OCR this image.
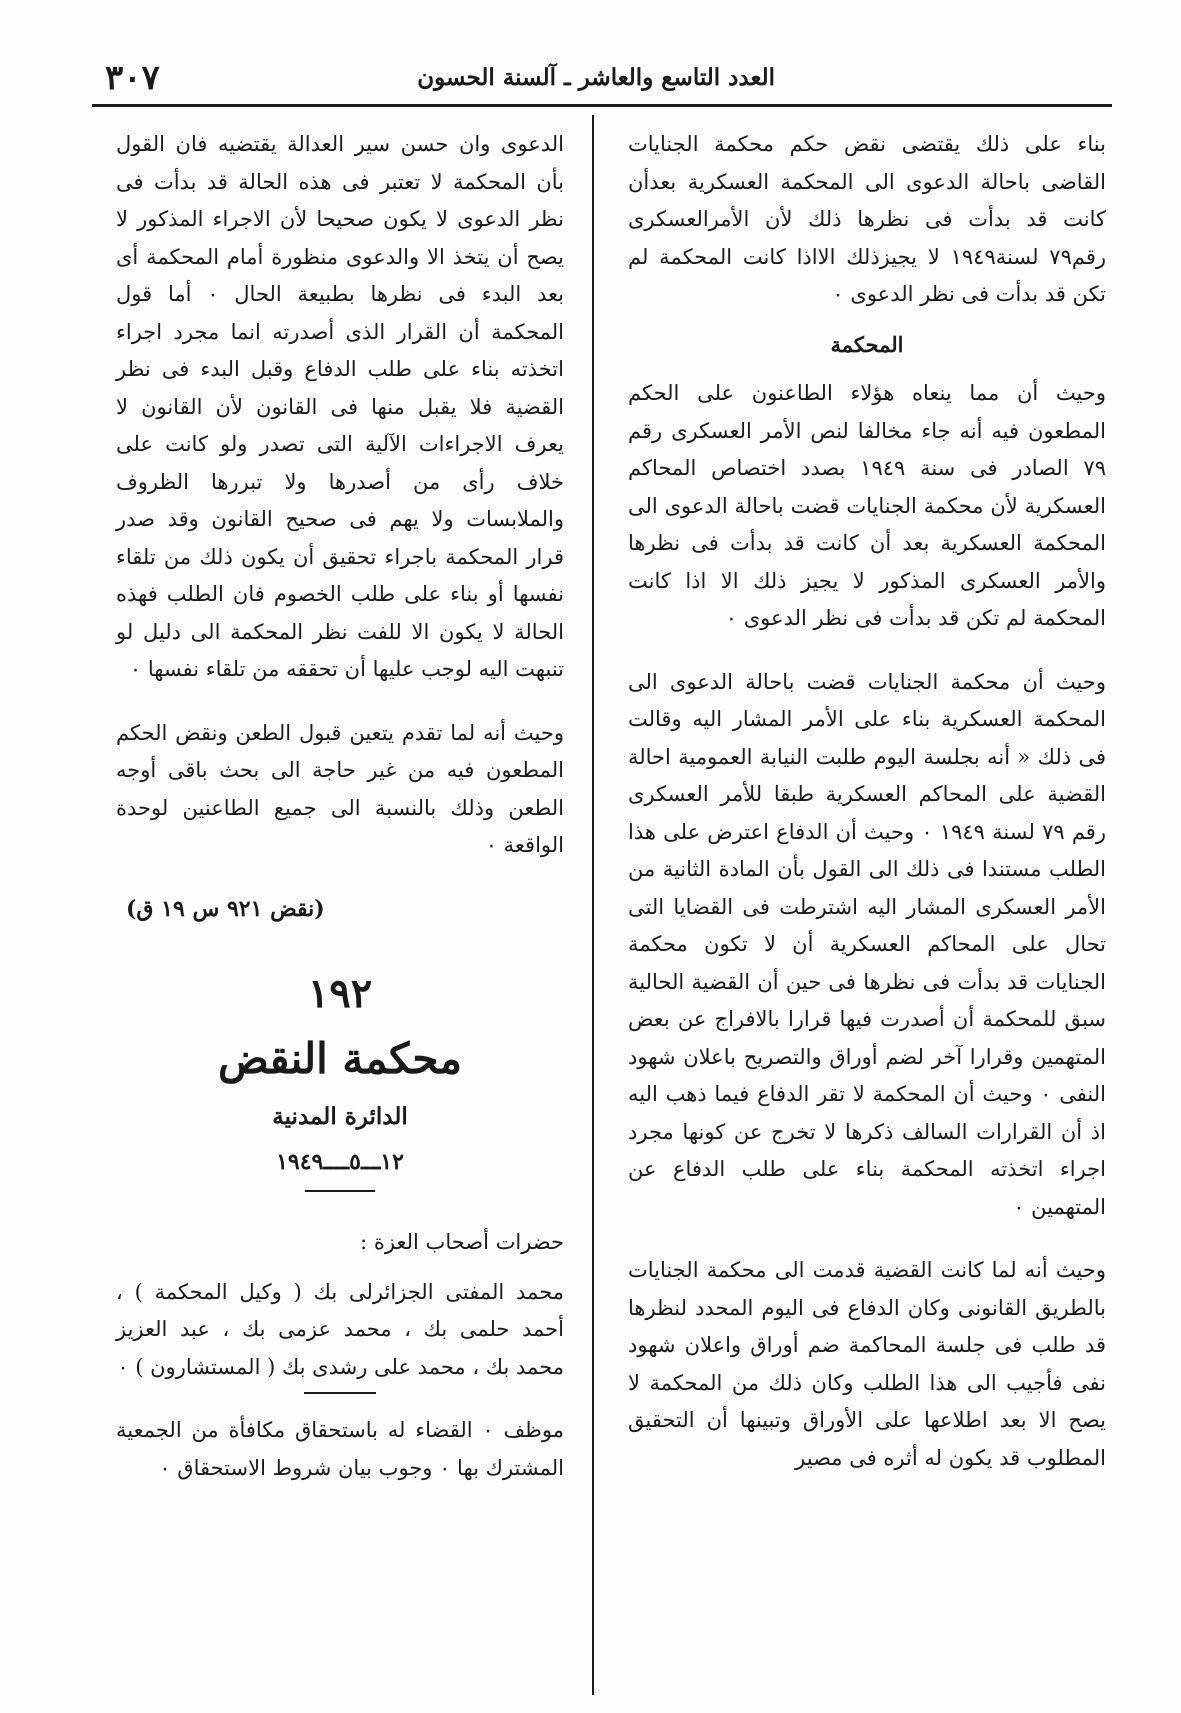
٣٠٧	العدد التاسع والعاشر ـ آلسنة الحسون

بناء على ذلك يقتضى نقض حكم محكمة الجنايات القاضى باحالة الدعوى الى المحكمة العسكرية بعدأن كانت قد بدأت فى نظرها ذلك لأن الأمرالعسكرى رقم٧٩ لسنة١٩٤٩ لا يجيزذلك الااذا كانت المحكمة لم تكن قد بدأت فى نظر الدعوى ٠

المحكمة

وحيث أن مما ينعاه هؤلاء الطاعنون على الحكم المطعون فيه أنه جاء مخالفا لنص الأمر العسكرى رقم ٧٩ الصادر فى سنة ١٩٤٩ بصدد اختصاص المحاكم العسكرية لأن محكمة الجنايات قضت باحالة الدعوى الى المحكمة العسكرية بعد أن كانت قد بدأت فى نظرها والأمر العسكرى المذكور لا يجيز ذلك الا اذا كانت المحكمة لم تكن قد بدأت فى نظر الدعوى ٠

وحيث أن محكمة الجنايات قضت باحالة الدعوى الى المحكمة العسكرية بناء على الأمر المشار اليه وقالت فى ذلك « أنه بجلسة اليوم طلبت النيابة العمومية احالة القضية على المحاكم العسكرية طبقا للأمر العسكرى رقم ٧٩ لسنة ١٩٤٩ ٠ وحيث أن الدفاع اعترض على هذا الطلب مستندا فى ذلك الى القول بأن المادة الثانية من الأمر العسكرى المشار اليه اشترطت فى القضايا التى تحال على المحاكم العسكرية أن لا تكون محكمة الجنايات قد بدأت فى نظرها فى حين أن القضية الحالية سبق للمحكمة أن أصدرت فيها قرارا بالافراج عن بعض المتهمين وقرارا آخر لضم أوراق والتصريح باعلان شهود النفى ٠ وحيث أن المحكمة لا تقر الدفاع فيما ذهب اليه اذ أن القرارات السالف ذكرها لا تخرج عن كونها مجرد اجراء اتخذته المحكمة بناء على طلب الدفاع عن المتهمين ٠

وحيث أنه لما كانت القضية قدمت الى محكمة الجنايات بالطريق القانونى وكان الدفاع فى اليوم المحدد لنظرها قد طلب فى جلسة المحاكمة ضم أوراق واعلان شهود نفى فأجيب الى هذا الطلب وكان ذلك من المحكمة لا يصح الا بعد اطلاعها على الأوراق وتبينها أن التحقيق المطلوب قد يكون له أثره فى مصير

الدعوى وان حسن سير العدالة يقتضيه فان القول بأن المحكمة لا تعتبر فى هذه الحالة قد بدأت فى نظر الدعوى لا يكون صحيحا لأن الاجراء المذكور لا يصح أن يتخذ الا والدعوى منظورة أمام المحكمة أى بعد البدء فى نظرها بطبيعة الحال ٠ أما قول المحكمة أن القرار الذى أصدرته انما مجرد اجراء اتخذته بناء على طلب الدفاع وقبل البدء فى نظر القضية فلا يقبل منها فى القانون لأن القانون لا يعرف الاجراءات الآلية التى تصدر ولو كانت على خلاف رأى من أصدرها ولا تبررها الظروف والملابسات ولا يهم فى صحيح القانون وقد صدر قرار المحكمة باجراء تحقيق أن يكون ذلك من تلقاء نفسها أو بناء على طلب الخصوم فان الطلب فهذه الحالة لا يكون الا للفت نظر المحكمة الى دليل لو تنبهت اليه لوجب عليها أن تحققه من تلقاء نفسها ٠

وحيث أنه لما تقدم يتعين قبول الطعن ونقض الحكم المطعون فيه من غير حاجة الى بحث باقى أوجه الطعن وذلك بالنسبة الى جميع الطاعنين لوحدة الواقعة ٠

(نقض ٩٢١ س ١٩ ق)

١٩٢

محكمة النقض

الدائرة المدنية

١٢ـــ٥ــــ١٩٤٩

حضرات أصحاب العزة :

محمد المفتى الجزائرلى بك ( وكيل المحكمة ) ، أحمد حلمى بك ، محمد عزمى بك ، عبد العزيز محمد بك ، محمد على رشدى بك ( المستشارون ) ٠

موظف ٠ القضاء له باستحقاق مكافأة من الجمعية المشترك بها ٠ وجوب بيان شروط الاستحقاق ٠
